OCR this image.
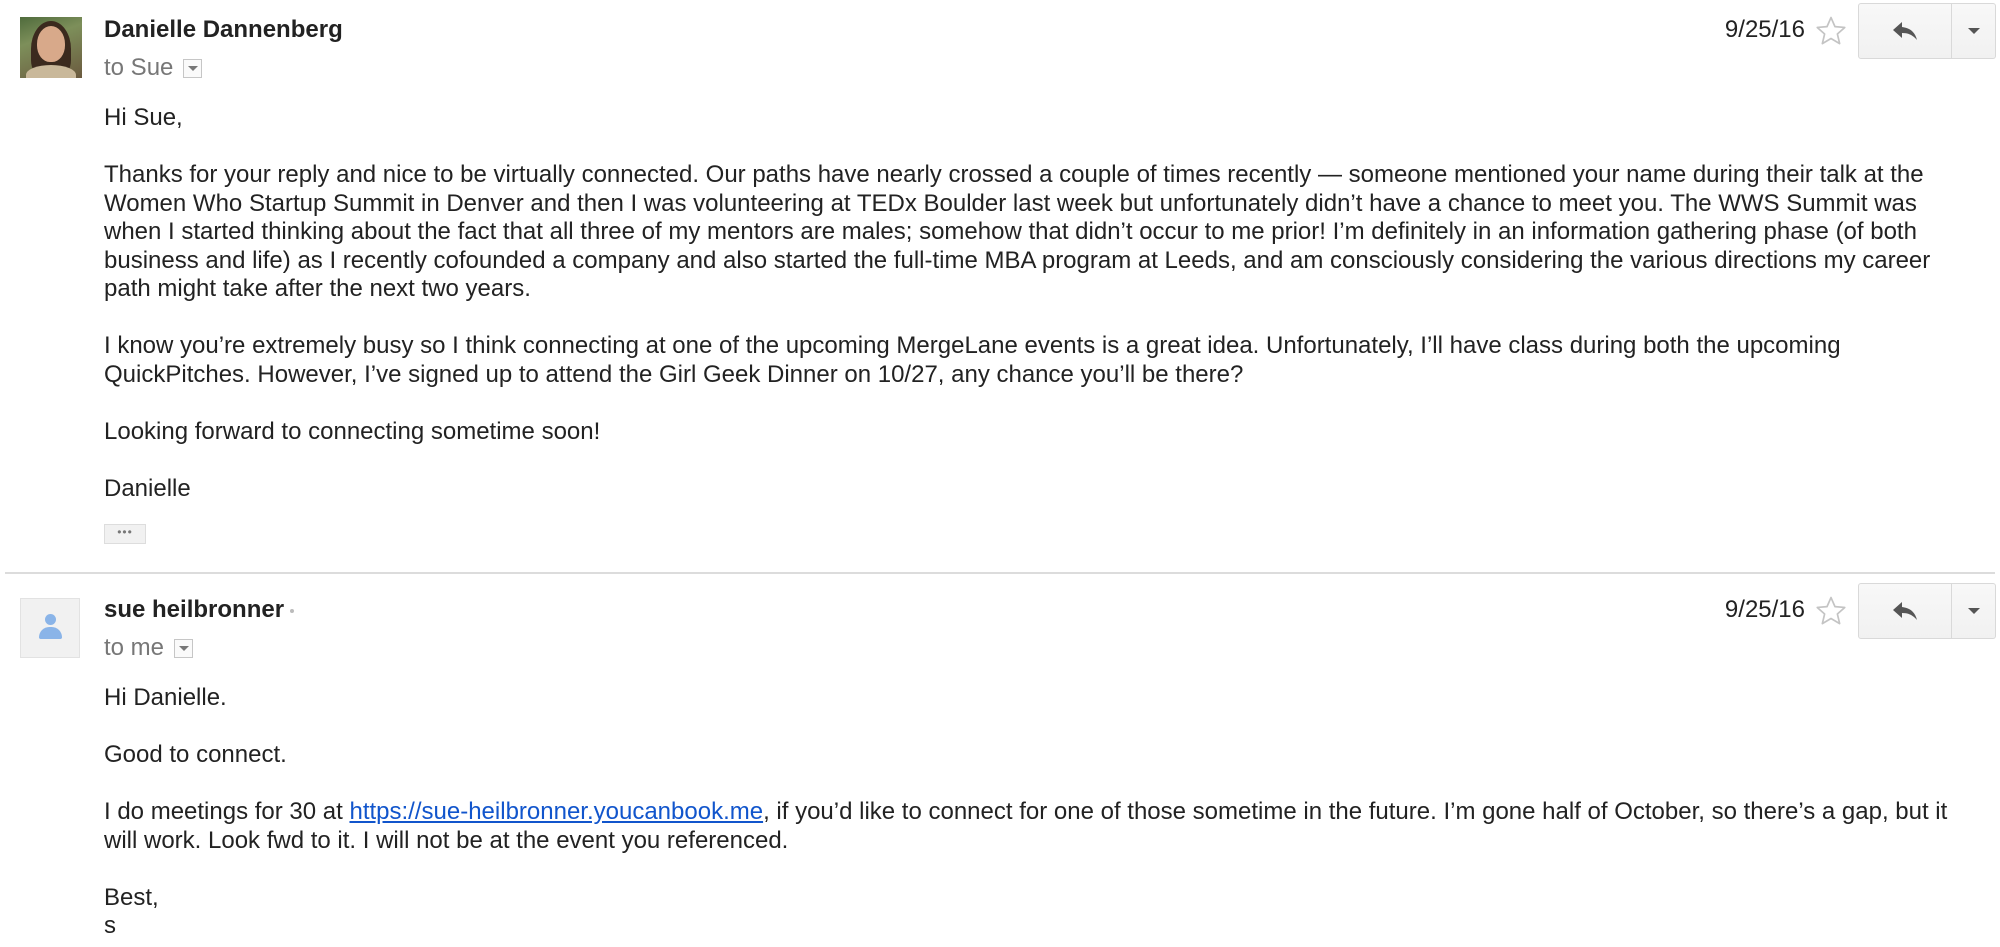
Danielle Dannenberg
to Sue
9/25/16

Hi Sue,

Thanks for your reply and nice to be virtually connected. Our paths have nearly crossed a couple of times recently — someone mentioned your name during their talk at the Women Who Startup Summit in Denver and then I was volunteering at TEDx Boulder last week but unfortunately didn’t have a chance to meet you. The WWS Summit was when I started thinking about the fact that all three of my mentors are males; somehow that didn’t occur to me prior! I’m definitely in an information gathering phase (of both business and life) as I recently cofounded a company and also started the full-time MBA program at Leeds, and am consciously considering the various directions my career path might take after the next two years.

I know you’re extremely busy so I think connecting at one of the upcoming MergeLane events is a great idea. Unfortunately, I’ll have class during both the upcoming QuickPitches. However, I’ve signed up to attend the Girl Geek Dinner on 10/27, any chance you’ll be there?

Looking forward to connecting sometime soon!

Danielle

•••
sue heilbronner
to me
9/25/16

Hi Danielle.

Good to connect.

I do meetings for 30 at https://sue-heilbronner.youcanbook.me, if you’d like to connect for one of those sometime in the future. I’m gone half of October, so there’s a gap, but it will work. Look fwd to it. I will not be at the event you referenced.

Best,

s
